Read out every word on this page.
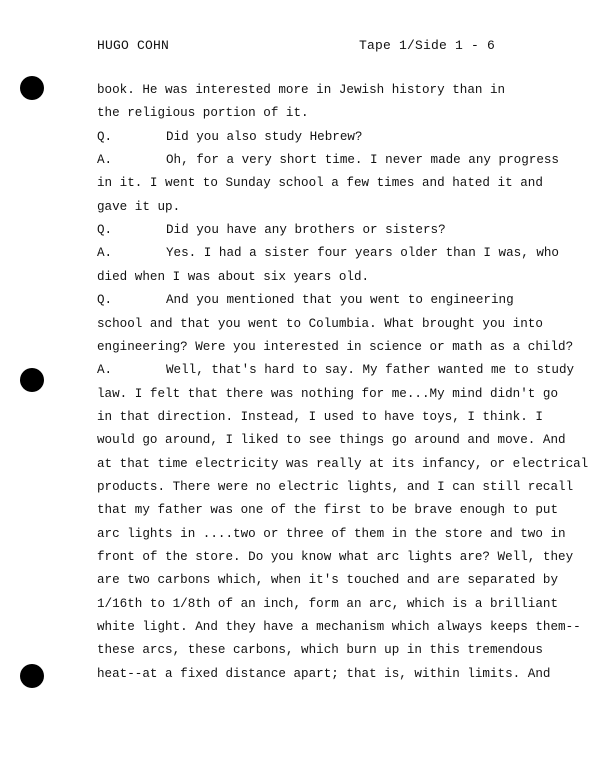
HUGO COHN	Tape 1/Side 1 - 6
book. He was interested more in Jewish history than in
the religious portion of it.
Q.	Did you also study Hebrew?
A.	Oh, for a very short time. I never made any progress
in it. I went to Sunday school a few times and hated it and
gave it up.
Q.	Did you have any brothers or sisters?
A.	Yes. I had a sister four years older than I was, who
died when I was about six years old.
Q.	And you mentioned that you went to engineering
school and that you went to Columbia. What brought you into
engineering? Were you interested in science or math as a child?
A.	Well, that's hard to say. My father wanted me to study
law. I felt that there was nothing for me...My mind didn't go
in that direction. Instead, I used to have toys, I think. I
would go around, I liked to see things go around and move. And
at that time electricity was really at its infancy, or electrical
products. There were no electric lights, and I can still recall
that my father was one of the first to be brave enough to put
arc lights in ....two or three of them in the store and two in
front of the store. Do you know what arc lights are? Well, they
are two carbons which, when it's touched and are separated by
1/16th to 1/8th of an inch, form an arc, which is a brilliant
white light. And they have a mechanism which always keeps them--
these arcs, these carbons, which burn up in this tremendous
heat--at a fixed distance apart; that is, within limits. And
